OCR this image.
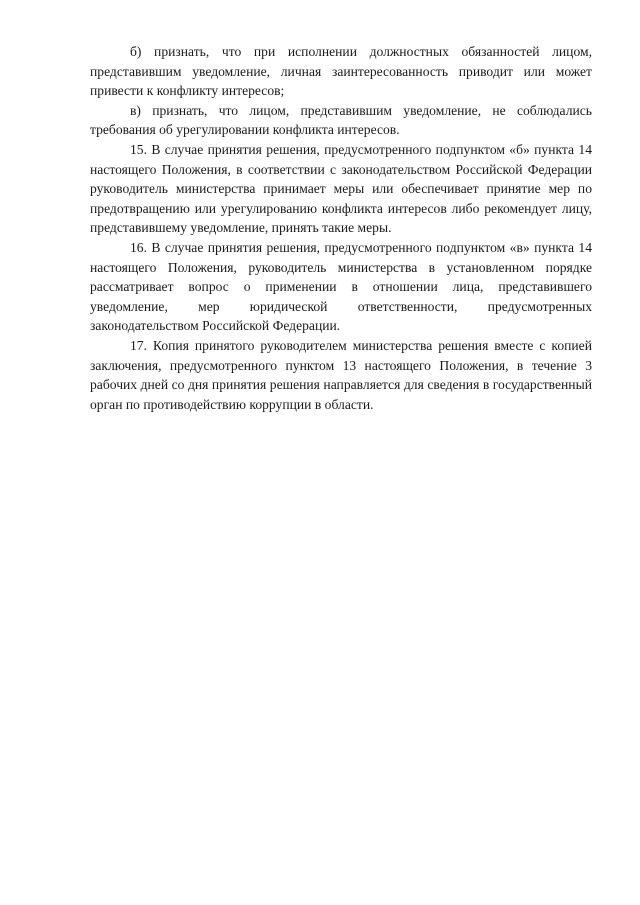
б) признать, что при исполнении должностных обязанностей лицом, представившим уведомление, личная заинтересованность приводит или может привести к конфликту интересов;

в) признать, что лицом, представившим уведомление, не соблюдались требования об урегулировании конфликта интересов.

15. В случае принятия решения, предусмотренного подпунктом «б» пункта 14 настоящего Положения, в соответствии с законодательством Российской Федерации руководитель министерства принимает меры или обеспечивает принятие мер по предотвращению или урегулированию конфликта интересов либо рекомендует лицу, представившему уведомление, принять такие меры.

16. В случае принятия решения, предусмотренного подпунктом «в» пункта 14 настоящего Положения, руководитель министерства в установленном порядке рассматривает вопрос о применении в отношении лица, представившего уведомление, мер юридической ответственности, предусмотренных законодательством Российской Федерации.

17. Копия принятого руководителем министерства решения вместе с копией заключения, предусмотренного пунктом 13 настоящего Положения, в течение 3 рабочих дней со дня принятия решения направляется для сведения в государственный орган по противодействию коррупции в области.
